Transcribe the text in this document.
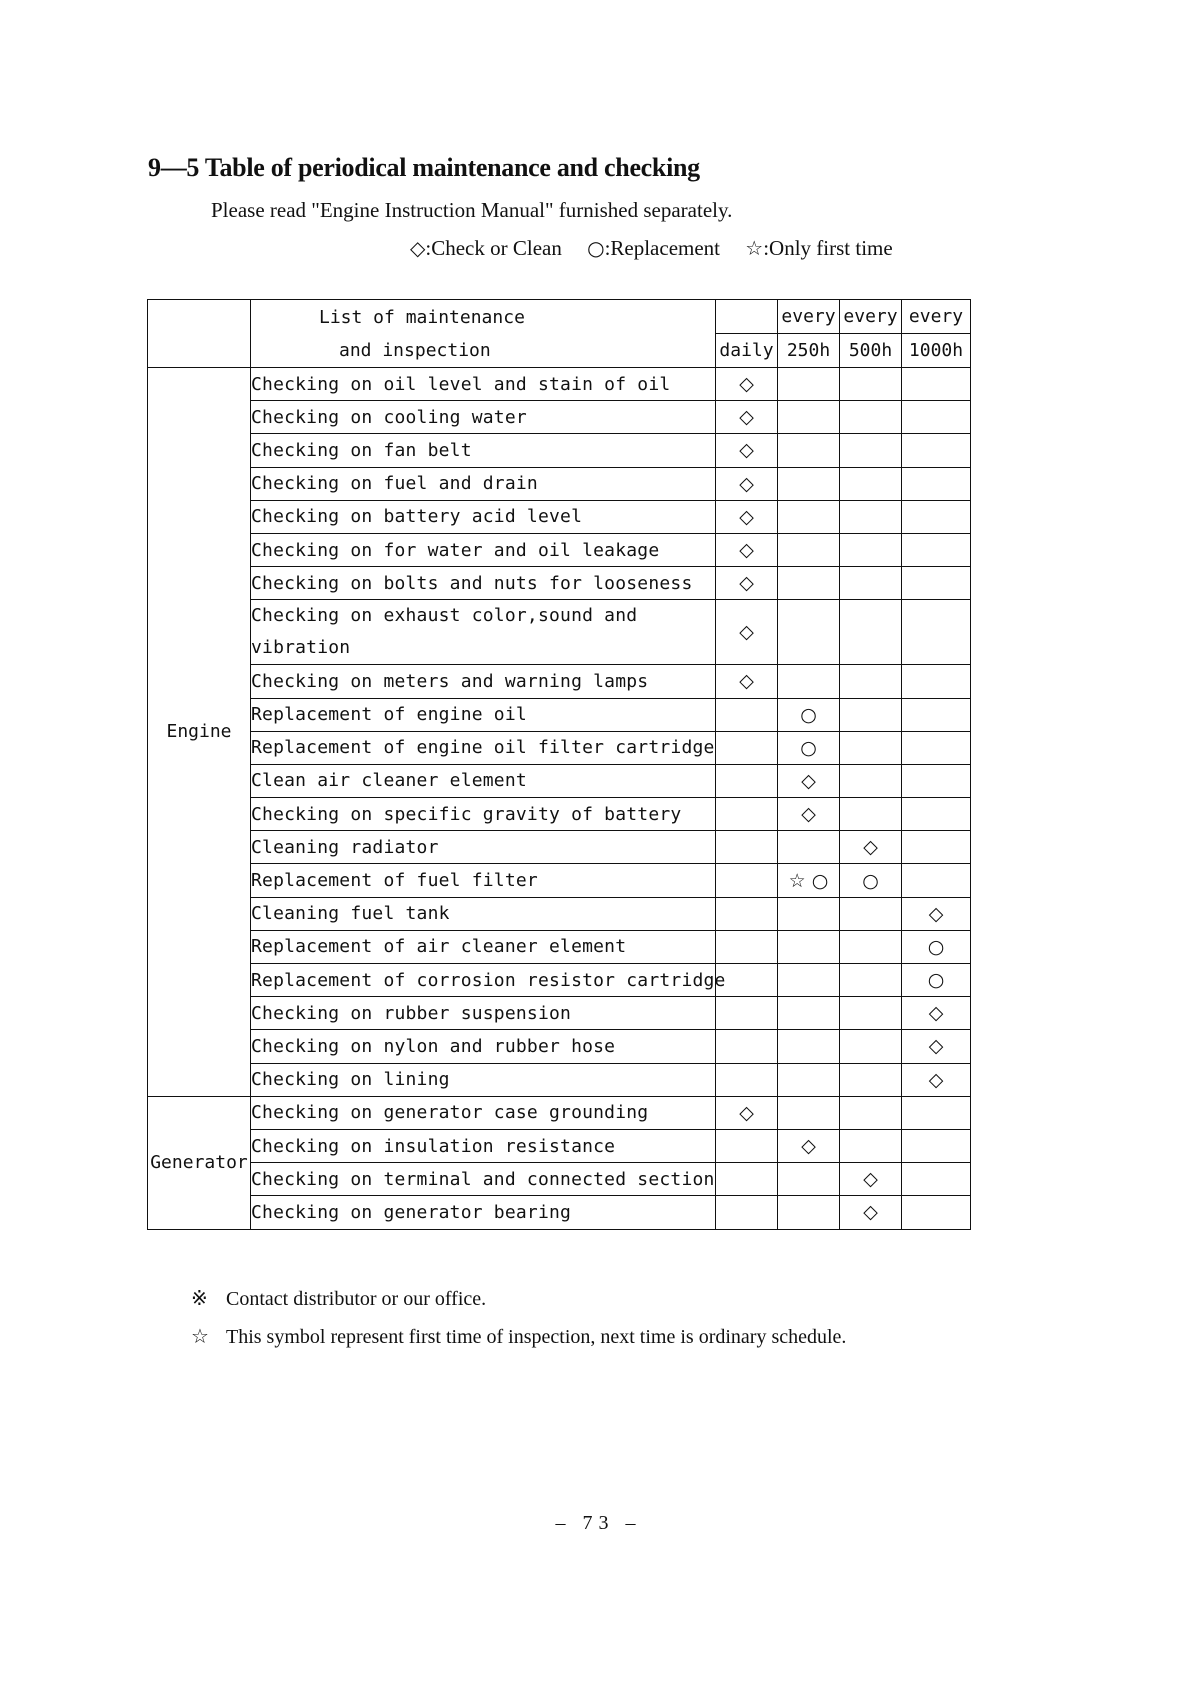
9—5 Table of periodical maintenance and checking
Please read "Engine Instruction Manual" furnished separately.
◇:Check or Clean ○:Replacement ☆:Only first time

	List of maintenance
and inspection		every	every	every
		daily	250h	500h	1000h
Engine	Checking on oil level and stain of oil	◇			
	Checking on cooling water	◇			
	Checking on fan belt	◇			
	Checking on fuel and drain	◇			
	Checking on battery acid level	◇			
	Checking on for water and oil leakage	◇			
	Checking on bolts and nuts for looseness	◇			
	Checking on exhaust color,sound and vibration	◇			
	Checking on meters and warning lamps	◇			
	Replacement of engine oil		○		
	Replacement of engine oil filter cartridge		○		
	Clean air cleaner element		◇		
	Checking on specific gravity of battery		◇		
	Cleaning radiator			◇	
	Replacement of fuel filter		☆ ○	○	
	Cleaning fuel tank				◇
	Replacement of air cleaner element				○
	Replacement of corrosion resistor cartridge				○
	Checking on rubber suspension				◇
	Checking on nylon and rubber hose				◇
	Checking on lining				◇
Generator	Checking on generator case grounding	◇			
	Checking on insulation resistance		◇		
	Checking on terminal and connected section			◇	
	Checking on generator bearing			◇	
※ Contact distributor or our office.
☆ This symbol represent first time of inspection, next time is ordinary schedule.
– 73 –
